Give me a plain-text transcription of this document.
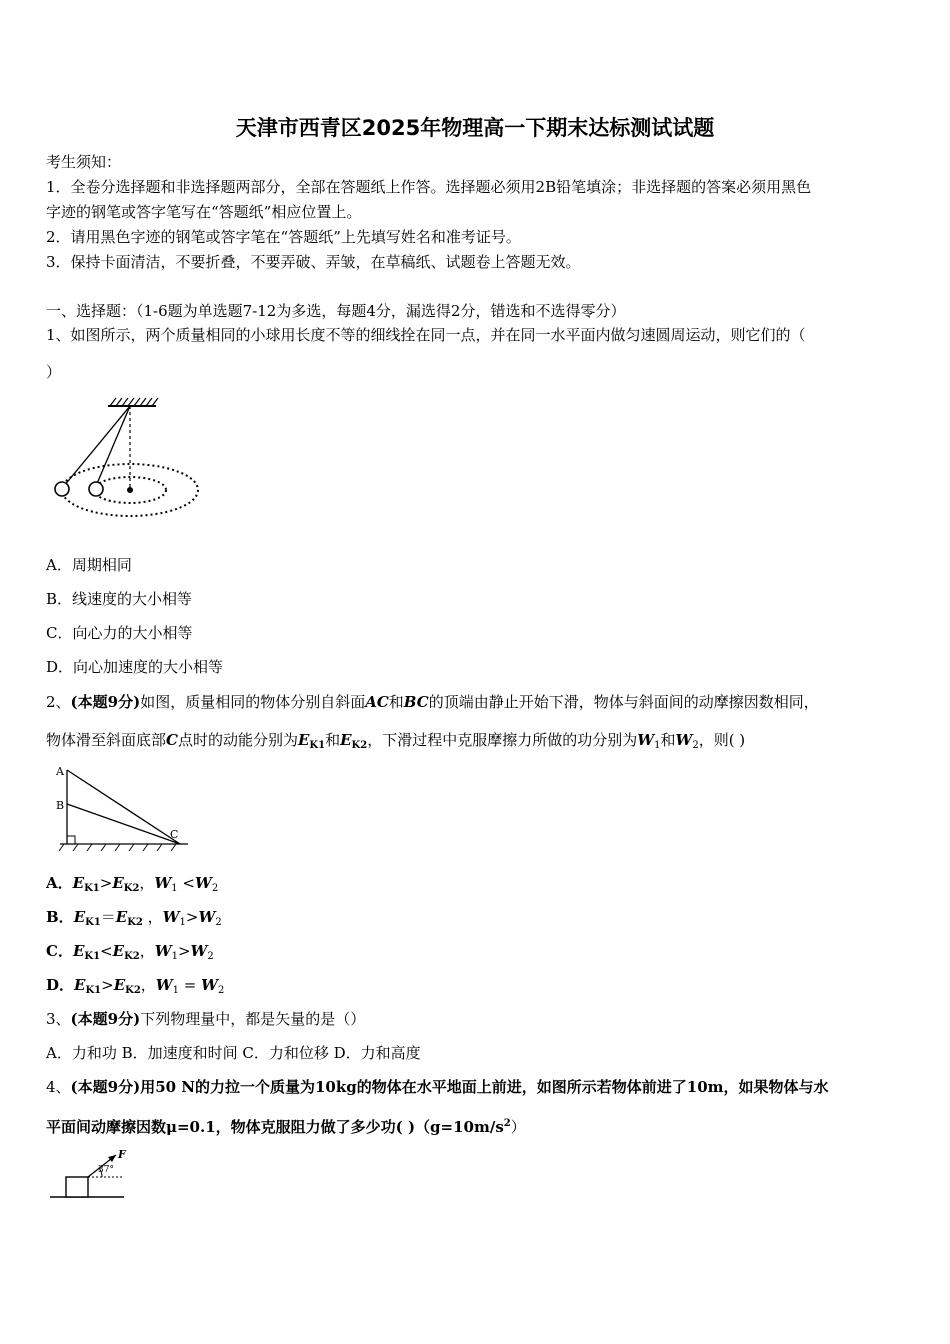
天津市西青区2025年物理高一下期末达标测试试题
考生须知：
1．全卷分选择题和非选择题两部分，全部在答题纸上作答。选择题必须用2B铅笔填涂；非选择题的答案必须用黑色
字迹的钢笔或答字笔写在“答题纸”相应位置上。
2．请用黑色字迹的钢笔或答字笔在“答题纸”上先填写姓名和准考证号。
3．保持卡面清洁，不要折叠，不要弄破、弄皱，在草稿纸、试题卷上答题无效。
一、选择题：（1-6题为单选题7-12为多选，每题4分，漏选得2分，错选和不选得零分）
1、如图所示，两个质量相同的小球用长度不等的细线拴在同一点，并在同一水平面内做匀速圆周运动，则它们的（
）
A．周期相同
B．线速度的大小相等
C．向心力的大小相等
D．向心加速度的大小相等
2、(本题9分)如图，质量相同的物体分别自斜面AC和BC的顶端由静止开始下滑，物体与斜面间的动摩擦因数相同，
物体滑至斜面底部C点时的动能分别为$E_{K1}$和$E_{K2}$，下滑过程中克服摩擦力所做的功分别为$W_1$和$W_2$，则( )
A
B
C
A．$E_{K1}>E_{K2}$，$W_1 <W_2$
B．$E_{K1}=E_{K2}$ ，$W_1>W_2$
C．$E_{K1}<E_{K2}$，$W_1>W_2$
D．$E_{K1}>E_{K2}$，$W_1 = W_2$
3、(本题9分)下列物理量中，都是矢量的是（）
A．力和功 B．加速度和时间 C．力和位移 D．力和高度
4、(本题9分)用50 N的力拉一个质量为10kg的物体在水平地面上前进，如图所示若物体前进了10m，如果物体与水
平面间动摩擦因数μ=0.1，物体克服阻力做了多少功( )$(g=10m/s^2)$
F
37°
